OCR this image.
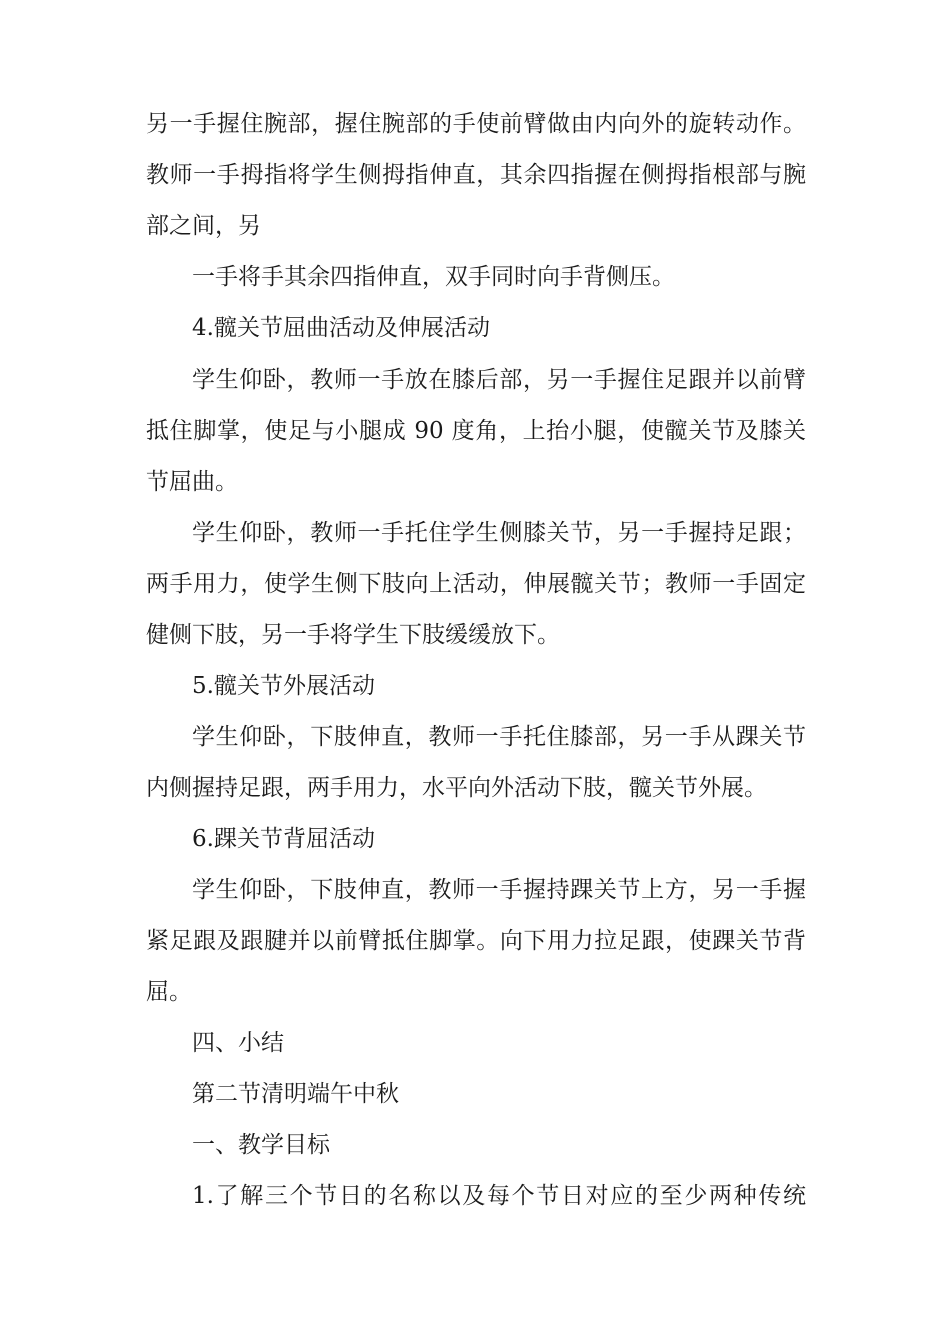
另一手握住腕部，握住腕部的手使前臂做由内向外的旋转动作。
教师一手拇指将学生侧拇指伸直，其余四指握在侧拇指根部与腕
部之间，另
一手将手其余四指伸直，双手同时向手背侧压。
4.髋关节屈曲活动及伸展活动
学生仰卧，教师一手放在膝后部，另一手握住足跟并以前臂
抵住脚掌，使足与小腿成 90 度角，上抬小腿，使髋关节及膝关
节屈曲。
学生仰卧，教师一手托住学生侧膝关节，另一手握持足跟；
两手用力，使学生侧下肢向上活动，伸展髋关节；教师一手固定
健侧下肢，另一手将学生下肢缓缓放下。
5.髋关节外展活动
学生仰卧，下肢伸直，教师一手托住膝部，另一手从踝关节
内侧握持足跟，两手用力，水平向外活动下肢，髋关节外展。
6.踝关节背屈活动
学生仰卧，下肢伸直，教师一手握持踝关节上方，另一手握
紧足跟及跟腱并以前臂抵住脚掌。向下用力拉足跟，使踝关节背
屈。
四、小结
第二节清明端午中秋
一、教学目标
1.了解三个节日的名称以及每个节日对应的至少两种传统
